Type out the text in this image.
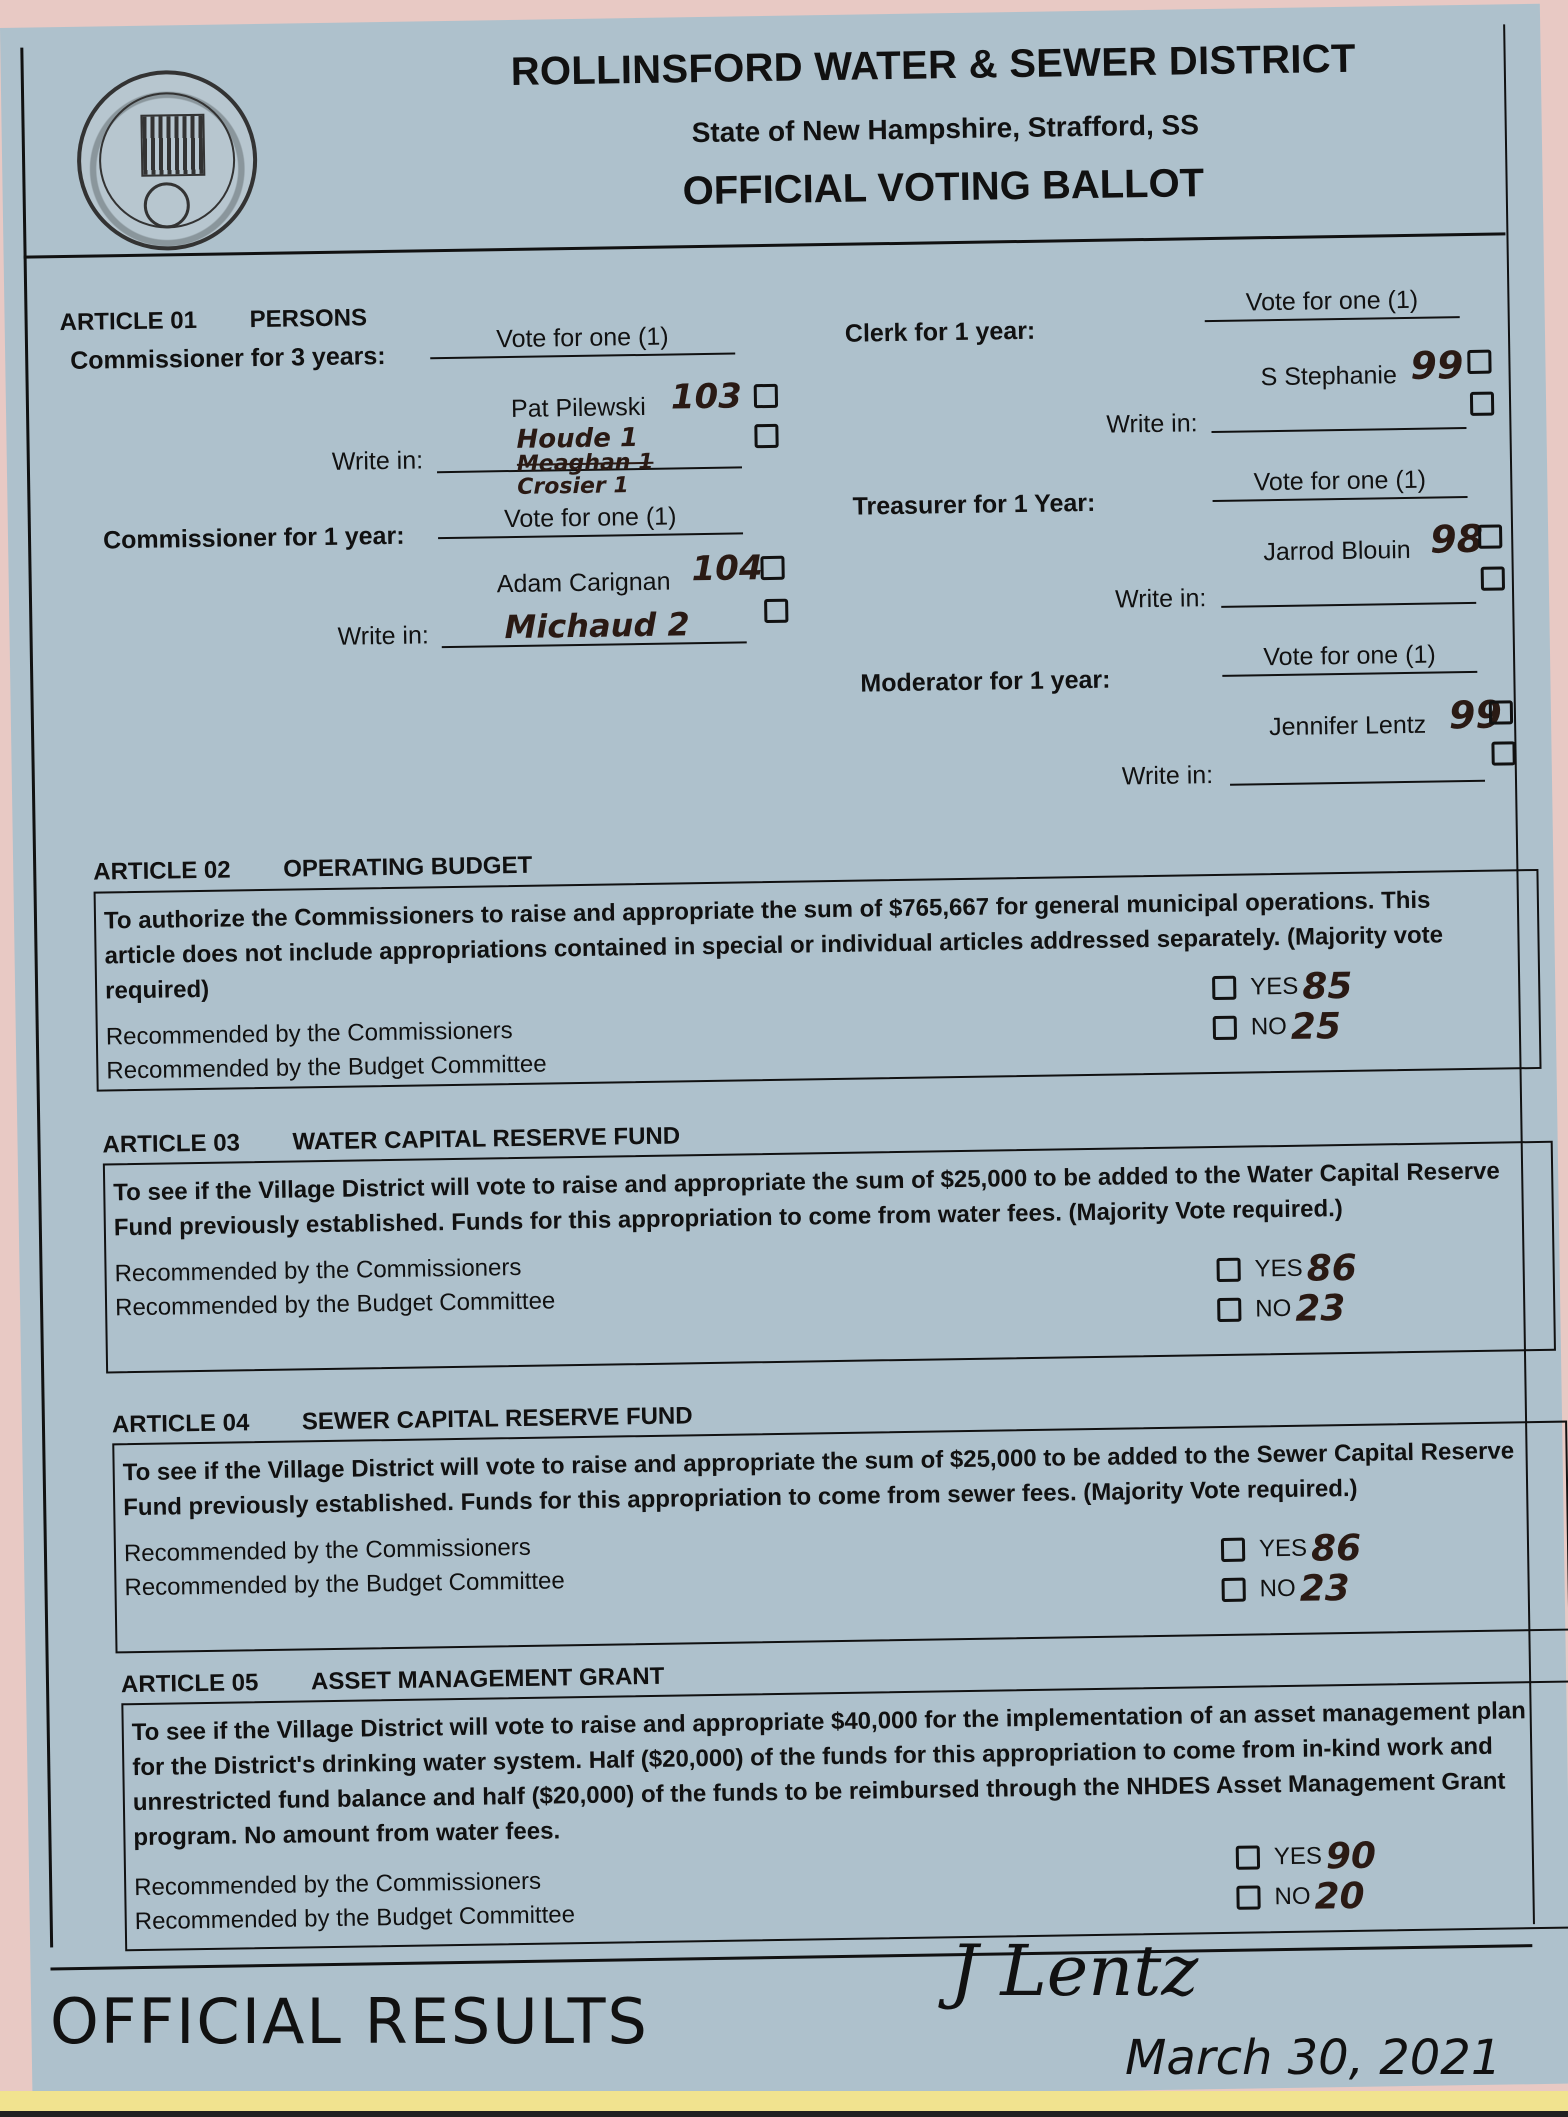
ROLLINSFORD WATER & SEWER DISTRICT
State of New Hampshire, Strafford, SS
OFFICIAL VOTING BALLOT
ARTICLE 01 PERSONS
Commissioner for 3 years:
Vote for one (1)
Pat Pilewski 103
Write in:
Houde 1
Meaghan 1
Crosier 1
Commissioner for 1 year:
Vote for one (1)
Adam Carignan 104
Write in: Michaud 2
Clerk for 1 year:
Vote for one (1)
S Stephanie 99
Write in:
Treasurer for 1 Year:
Vote for one (1)
Jarrod Blouin 98
Write in:
Moderator for 1 year:
Vote for one (1)
Jennifer Lentz 99
Write in:
ARTICLE 02 OPERATING BUDGET
To authorize the Commissioners to raise and appropriate the sum of $765,667 for general municipal operations. This article does not include appropriations contained in special or individual articles addressed separately. (Majority vote required)
Recommended by the Commissioners
Recommended by the Budget Committee
YES 85
NO 25
ARTICLE 03 WATER CAPITAL RESERVE FUND
To see if the Village District will vote to raise and appropriate the sum of $25,000 to be added to the Water Capital Reserve Fund previously established. Funds for this appropriation to come from water fees. (Majority Vote required.)
Recommended by the Commissioners
Recommended by the Budget Committee
YES 86
NO 23
ARTICLE 04 SEWER CAPITAL RESERVE FUND
To see if the Village District will vote to raise and appropriate the sum of $25,000 to be added to the Sewer Capital Reserve Fund previously established. Funds for this appropriation to come from sewer fees. (Majority Vote required.)
Recommended by the Commissioners
Recommended by the Budget Committee
YES 86
NO 23
ARTICLE 05 ASSET MANAGEMENT GRANT
To see if the Village District will vote to raise and appropriate $40,000 for the implementation of an asset management plan for the District's drinking water system. Half ($20,000) of the funds for this appropriation to come from in-kind work and unrestricted fund balance and half ($20,000) of the funds to be reimbursed through the NHDES Asset Management Grant program. No amount from water fees.
Recommended by the Commissioners
Recommended by the Budget Committee
YES 90
NO 20
OFFICIAL RESULTS
J Lentz
March 30, 2021
